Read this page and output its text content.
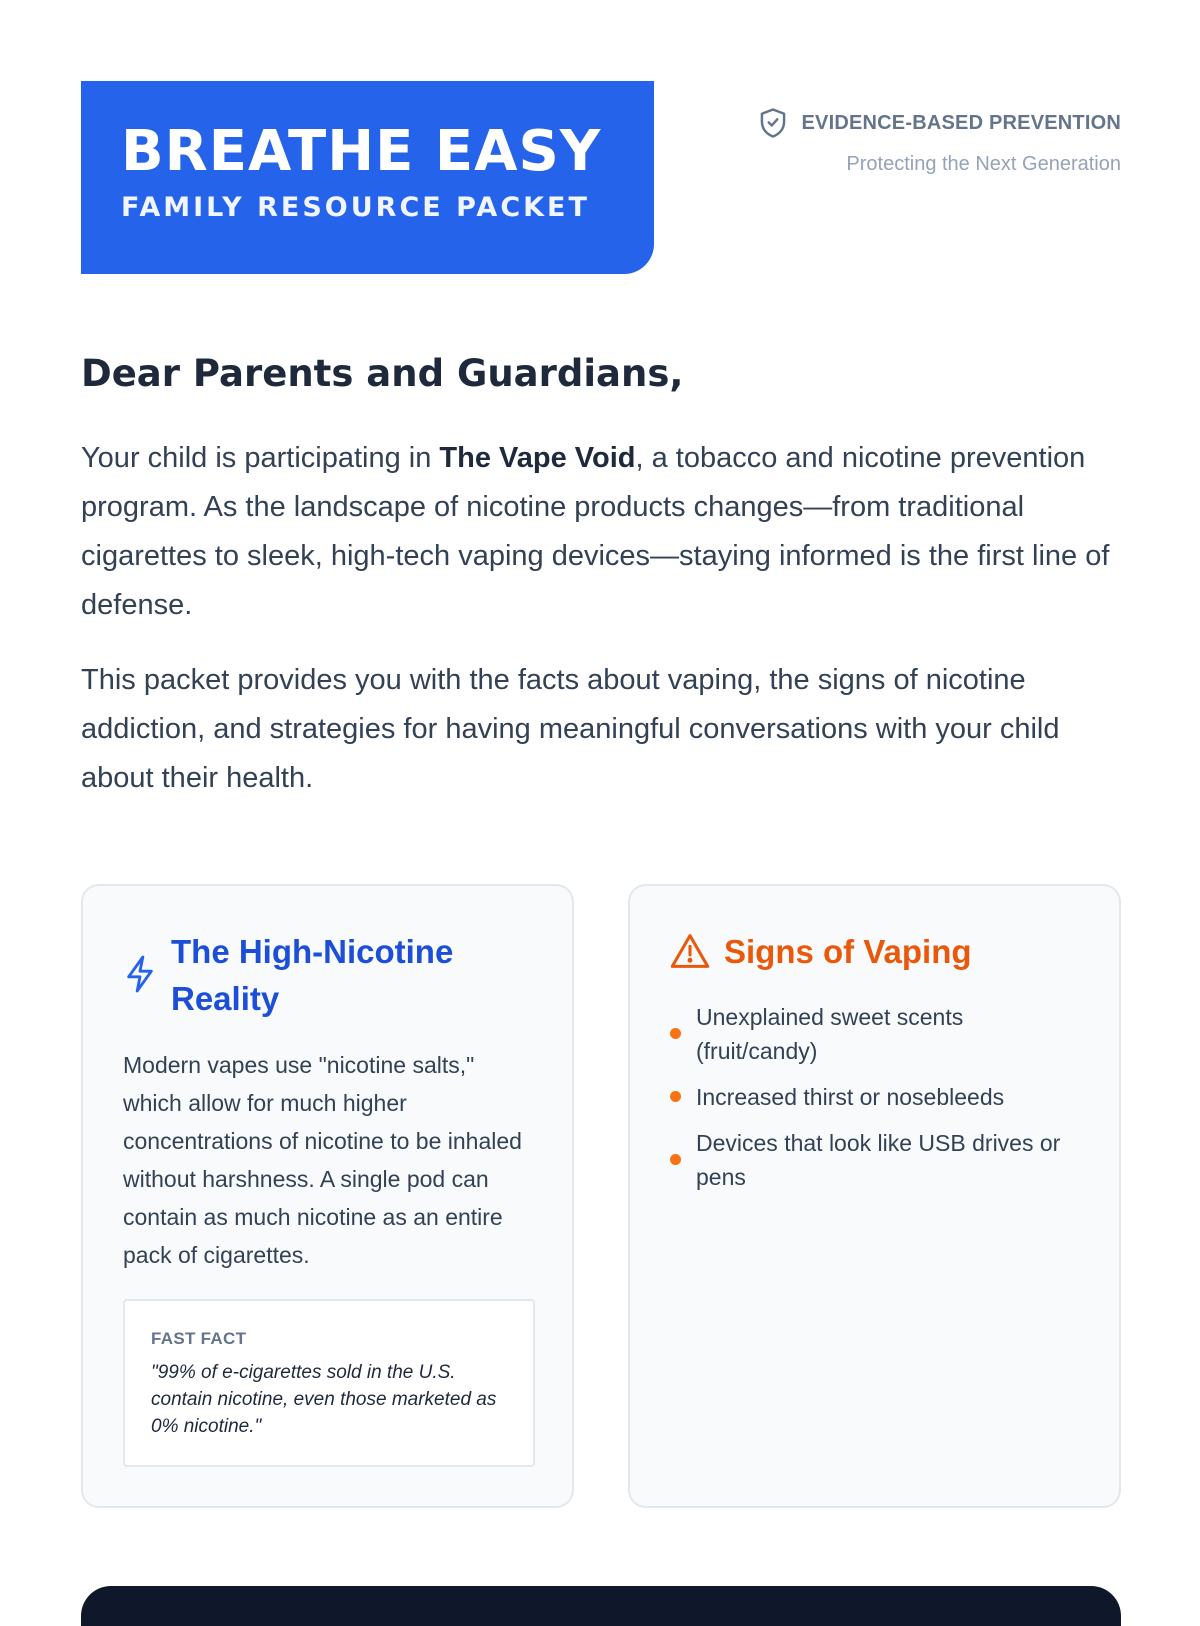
BREATHE EASY
FAMILY RESOURCE PACKET
EVIDENCE-BASED PREVENTION
Protecting the Next Generation
Dear Parents and Guardians,

Your child is participating in The Vape Void, a tobacco and nicotine prevention program. As the landscape of nicotine products changes—from traditional cigarettes to sleek, high-tech vaping devices—staying informed is the first line of defense.

This packet provides you with the facts about vaping, the signs of nicotine addiction, and strategies for having meaningful conversations with your child about their health.

The High-Nicotine Reality

Modern vapes use "nicotine salts," which allow for much higher concentrations of nicotine to be inhaled without harshness. A single pod can contain as much nicotine as an entire pack of cigarettes.

FAST FACT
"99% of e-cigarettes sold in the U.S. contain nicotine, even those marketed as 0% nicotine."
Signs of Vaping
Unexplained sweet scents (fruit/candy)
Increased thirst or nosebleeds
Devices that look like USB drives or pens
